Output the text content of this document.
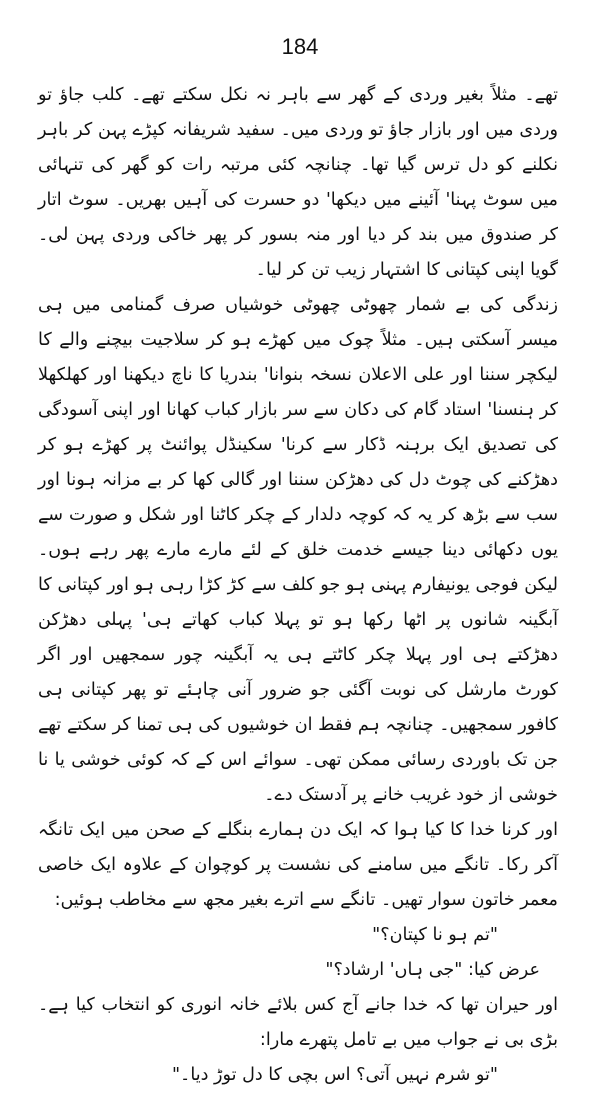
184

تھے۔ مثلاً بغیر وردی کے گھر سے باہر نہ نکل سکتے تھے۔ کلب جاؤ تو وردی میں اور بازار جاؤ تو وردی میں۔ سفید شریفانہ کپڑے پہن کر باہر نکلنے کو دل ترس گیا تھا۔ چنانچہ کئی مرتبہ رات کو گھر کی تنہائی میں سوٹ پہنا' آئینے میں دیکھا' دو حسرت کی آہیں بھریں۔ سوٹ اتار کر صندوق میں بند کر دیا اور منہ بسور کر پھر خاکی وردی پہن لی۔ گویا اپنی کپتانی کا اشتہار زیب تن کر لیا۔

زندگی کی بے شمار چھوٹی چھوٹی خوشیاں صرف گمنامی میں ہی میسر آسکتی ہیں۔ مثلاً چوک میں کھڑے ہو کر سلاجیت بیچنے والے کا لیکچر سننا اور علی الاعلان نسخہ بنوانا' بندریا کا ناچ دیکھنا اور کھلکھلا کر ہنسنا' استاد گام کی دکان سے سر بازار کباب کھانا اور اپنی آسودگی کی تصدیق ایک برہنہ ڈکار سے کرنا' سکینڈل پوائنٹ پر کھڑے ہو کر دھڑکنے کی چوٹ دل کی دھڑکن سننا اور گالی کھا کر بے مزانہ ہونا اور سب سے بڑھ کر یہ کہ کوچہ دلدار کے چکر کاٹنا اور شکل و صورت سے یوں دکھائی دینا جیسے خدمت خلق کے لئے مارے مارے پھر رہے ہوں۔ لیکن فوجی یونیفارم پہنی ہو جو کلف سے کڑ کڑا رہی ہو اور کپتانی کا آبگینہ شانوں پر اٹھا رکھا ہو تو پہلا کباب کھاتے ہی' پہلی دھڑکن دھڑکتے ہی اور پہلا چکر کاٹتے ہی یہ آبگینہ چور سمجھیں اور اگر کورٹ مارشل کی نوبت آگئی جو ضرور آنی چاہئے تو پھر کپتانی ہی کافور سمجھیں۔ چنانچہ ہم فقط ان خوشیوں کی ہی تمنا کر سکتے تھے جن تک باوردی رسائی ممکن تھی۔ سوائے اس کے کہ کوئی خوشی یا نا خوشی از خود غریب خانے پر آدستک دے۔

اور کرنا خدا کا کیا ہوا کہ ایک دن ہمارے بنگلے کے صحن میں ایک تانگہ آکر رکا۔ تانگے میں سامنے کی نشست پر کوچوان کے علاوہ ایک خاصی معمر خاتون سوار تھیں۔ تانگے سے اترے بغیر مجھ سے مخاطب ہوئیں:

"تم ہو نا کپتان؟"

عرض کیا: "جی ہاں' ارشاد؟"

اور حیران تھا کہ خدا جانے آج کس بلائے خانہ انوری کو انتخاب کیا ہے۔ بڑی بی نے جواب میں بے تامل پتھرے مارا:

"تو شرم نہیں آتی؟ اس بچی کا دل توڑ دیا۔"
